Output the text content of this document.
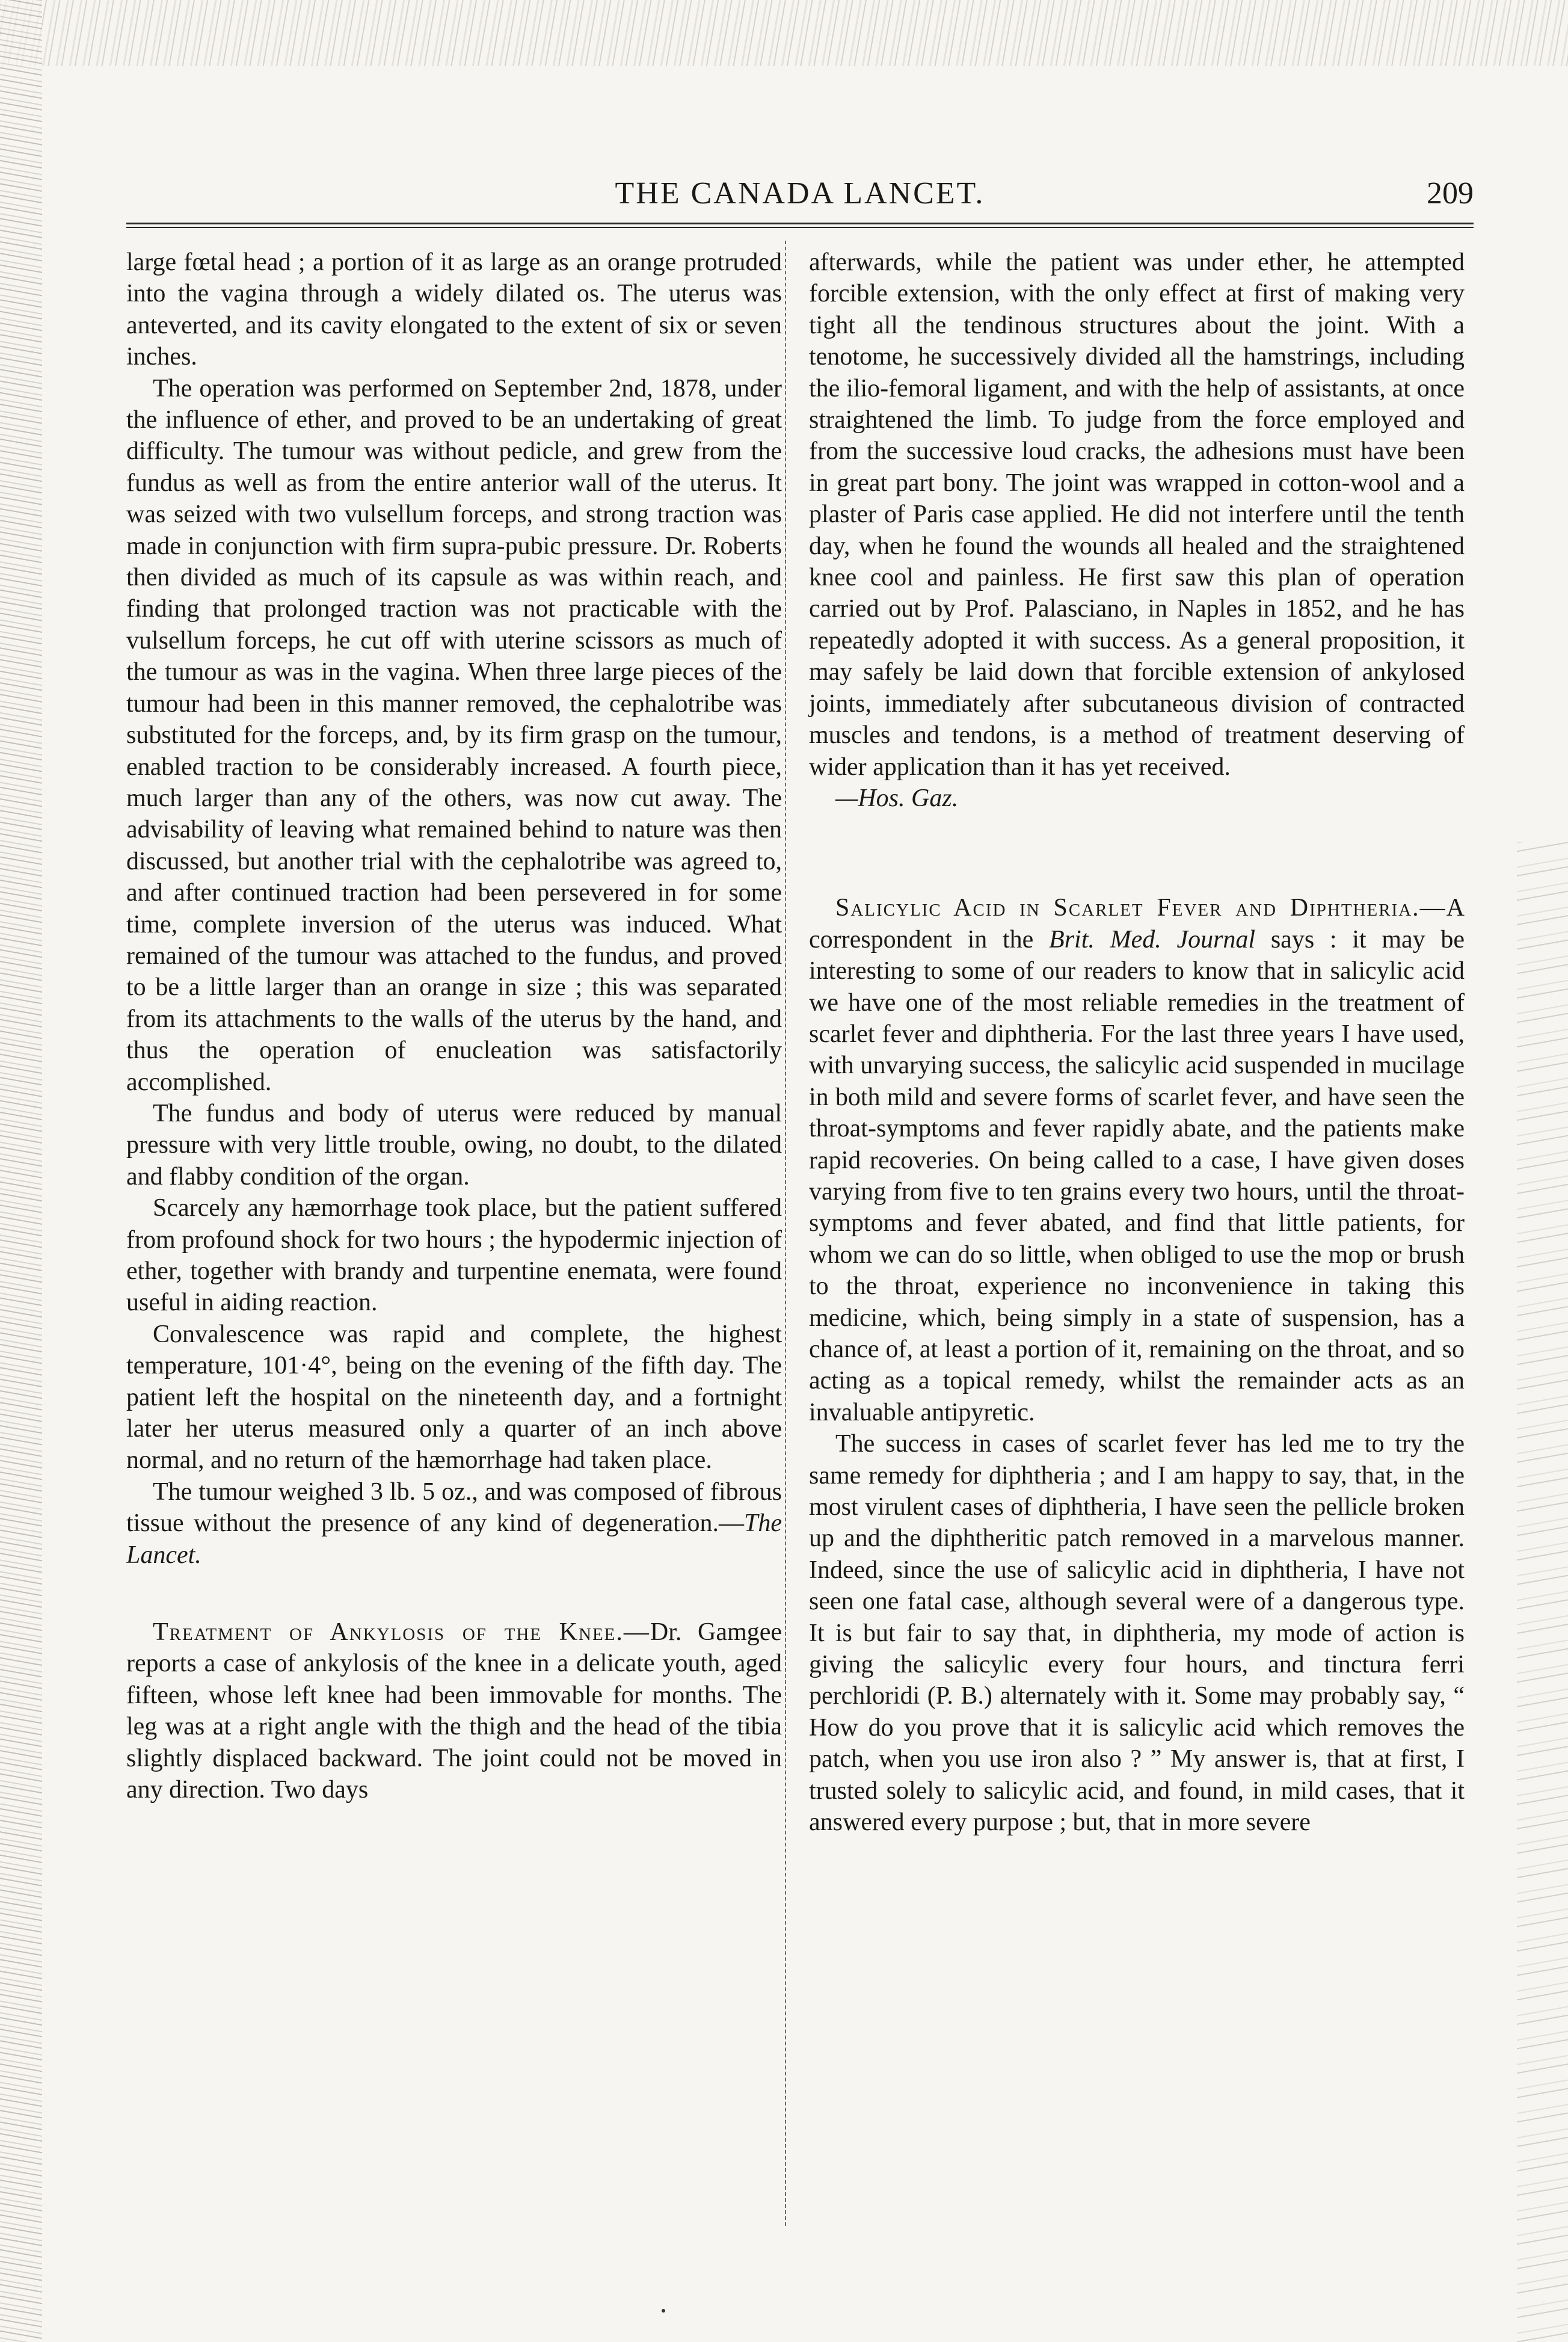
THE CANADA LANCET.	209

large fœtal head ; a portion of it as large as an orange protruded into the vagina through a widely dilated os. The uterus was anteverted, and its cavity elongated to the extent of six or seven inches.

The operation was performed on September 2nd, 1878, under the influence of ether, and proved to be an undertaking of great difficulty. The tumour was without pedicle, and grew from the fundus as well as from the entire anterior wall of the uterus. It was seized with two vulsellum forceps, and strong traction was made in conjunction with firm supra-pubic pressure. Dr. Roberts then divided as much of its capsule as was within reach, and finding that prolonged traction was not practicable with the vulsellum forceps, he cut off with uterine scissors as much of the tumour as was in the vagina. When three large pieces of the tumour had been in this manner removed, the cephalotribe was substituted for the forceps, and, by its firm grasp on the tumour, enabled traction to be considerably increased. A fourth piece, much larger than any of the others, was now cut away. The advisability of leaving what remained behind to nature was then discussed, but another trial with the cephalotribe was agreed to, and after continued traction had been persevered in for some time, complete inversion of the uterus was induced. What remained of the tumour was attached to the fundus, and proved to be a little larger than an orange in size ; this was separated from its attachments to the walls of the uterus by the hand, and thus the operation of enucleation was satisfactorily accomplished.

The fundus and body of uterus were reduced by manual pressure with very little trouble, owing, no doubt, to the dilated and flabby condition of the organ.

Scarcely any hæmorrhage took place, but the patient suffered from profound shock for two hours ; the hypodermic injection of ether, together with brandy and turpentine enemata, were found useful in aiding reaction.

Convalescence was rapid and complete, the highest temperature, 101·4°, being on the evening of the fifth day. The patient left the hospital on the nineteenth day, and a fortnight later her uterus measured only a quarter of an inch above normal, and no return of the hæmorrhage had taken place.

The tumour weighed 3 lb. 5 oz., and was composed of fibrous tissue without the presence of any kind of degeneration.—The Lancet.

Treatment of Ankylosis of the Knee.—Dr. Gamgee reports a case of ankylosis of the knee in a delicate youth, aged fifteen, whose left knee had been immovable for months. The leg was at a right angle with the thigh and the head of the tibia slightly displaced backward. The joint could not be moved in any direction. Two days

afterwards, while the patient was under ether, he attempted forcible extension, with the only effect at first of making very tight all the tendinous structures about the joint. With a tenotome, he successively divided all the hamstrings, including the ilio-femoral ligament, and with the help of assistants, at once straightened the limb. To judge from the force employed and from the successive loud cracks, the adhesions must have been in great part bony. The joint was wrapped in cotton-wool and a plaster of Paris case applied. He did not interfere until the tenth day, when he found the wounds all healed and the straightened knee cool and painless. He first saw this plan of operation carried out by Prof. Palasciano, in Naples in 1852, and he has repeatedly adopted it with success. As a general proposition, it may safely be laid down that forcible extension of ankylosed joints, immediately after subcutaneous division of contracted muscles and tendons, is a method of treatment deserving of wider application than it has yet received.

—Hos. Gaz.

Salicylic Acid in Scarlet Fever and Diphtheria.—A correspondent in the Brit. Med. Journal says : it may be interesting to some of our readers to know that in salicylic acid we have one of the most reliable remedies in the treatment of scarlet fever and diphtheria. For the last three years I have used, with unvarying success, the salicylic acid suspended in mucilage in both mild and severe forms of scarlet fever, and have seen the throat-symptoms and fever rapidly abate, and the patients make rapid recoveries. On being called to a case, I have given doses varying from five to ten grains every two hours, until the throat-symptoms and fever abated, and find that little patients, for whom we can do so little, when obliged to use the mop or brush to the throat, experience no inconvenience in taking this medicine, which, being simply in a state of suspension, has a chance of, at least a portion of it, remaining on the throat, and so acting as a topical remedy, whilst the remainder acts as an invaluable antipyretic.

The success in cases of scarlet fever has led me to try the same remedy for diphtheria ; and I am happy to say, that, in the most virulent cases of diphtheria, I have seen the pellicle broken up and the diphtheritic patch removed in a marvelous manner. Indeed, since the use of salicylic acid in diphtheria, I have not seen one fatal case, although several were of a dangerous type. It is but fair to say that, in diphtheria, my mode of action is giving the salicylic every four hours, and tinctura ferri perchloridi (P. B.) alternately with it. Some may probably say, “ How do you prove that it is salicylic acid which removes the patch, when you use iron also ? ” My answer is, that at first, I trusted solely to salicylic acid, and found, in mild cases, that it answered every purpose ; but, that in more severe
